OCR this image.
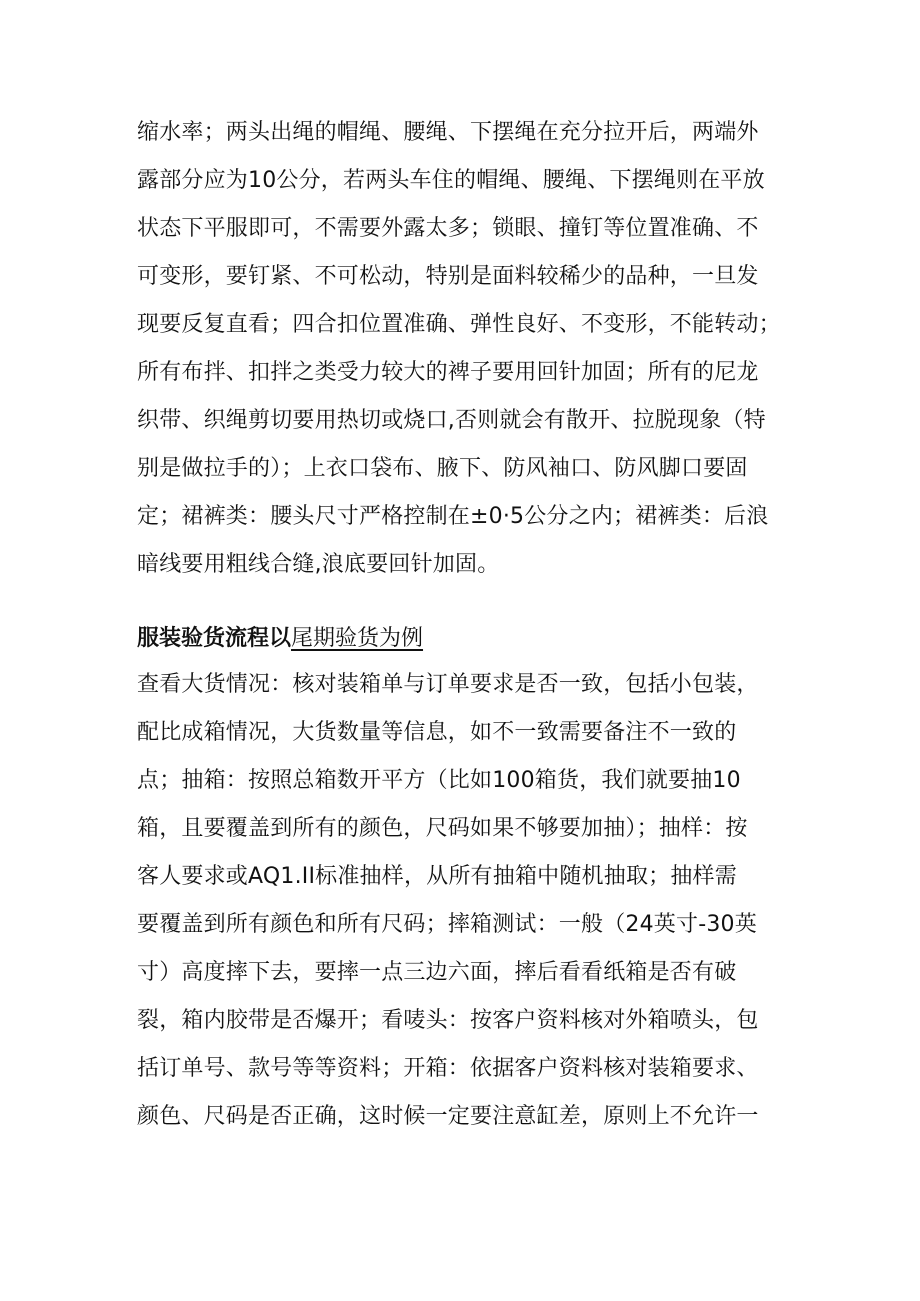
缩水率；两头出绳的帽绳、腰绳、下摆绳在充分拉开后，两端外
露部分应为10公分，若两头车住的帽绳、腰绳、下摆绳则在平放
状态下平服即可，不需要外露太多；锁眼、撞钉等位置准确、不
可变形，要钉紧、不可松动，特别是面料较稀少的品种，一旦发
现要反复直看；四合扣位置准确、弹性良好、不变形，不能转动；
所有布拌、扣拌之类受力较大的裨子要用回针加固；所有的尼龙
织带、织绳剪切要用热切或烧口,否则就会有散开、拉脱现象（特
别是做拉手的）；上衣口袋布、腋下、防风袖口、防风脚口要固
定；裙裤类：腰头尺寸严格控制在±0·5公分之内；裙裤类：后浪
暗线要用粗线合缝,浪底要回针加固。
服装验货流程以尾期验货为例
查看大货情况：核对装箱单与订单要求是否一致，包括小包装，
配比成箱情况，大货数量等信息，如不一致需要备注不一致的
点；抽箱：按照总箱数开平方（比如100箱货，我们就要抽10
箱，且要覆盖到所有的颜色，尺码如果不够要加抽）；抽样：按
客人要求或AQ1.II标准抽样，从所有抽箱中随机抽取；抽样需
要覆盖到所有颜色和所有尺码；摔箱测试：一般（24英寸-30英
寸）高度摔下去，要摔一点三边六面，摔后看看纸箱是否有破
裂，箱内胶带是否爆开；看唛头：按客户资料核对外箱喷头，包
括订单号、款号等等资料；开箱：依据客户资料核对装箱要求、
颜色、尺码是否正确，这时候一定要注意缸差，原则上不允许一
